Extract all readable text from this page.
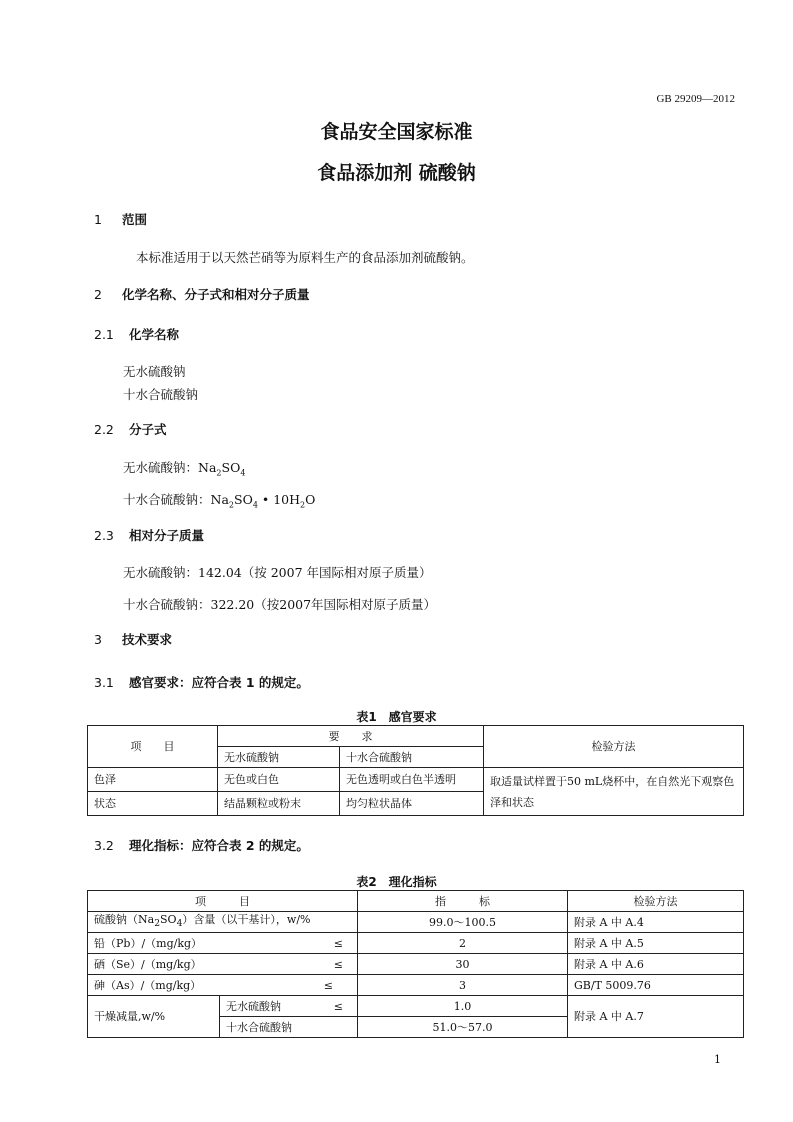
GB 29209—2012
食品安全国家标准
食品添加剂 硫酸钠
1 范围
本标准适用于以天然芒硝等为原料生产的食品添加剂硫酸钠。
2 化学名称、分子式和相对分子质量
2.1 化学名称
无水硫酸钠
十水合硫酸钠
2.2 分子式
无水硫酸钠：$Na_2SO_4$
十水合硫酸钠：$Na_2SO_4$ • $10H_2O$
2.3 相对分子质量
无水硫酸钠：142.04（按 2007 年国际相对原子质量）
十水合硫酸钠：322.20（按2007年国际相对原子质量）
3 技术要求
3.1 感官要求：应符合表 1 的规定。
表1　感官要求
项　　目	要　　求		检验方法
	无水硫酸钠	十水合硫酸钠	
色泽	无色或白色	无色透明或白色半透明	取适量试样置于50 mL烧杯中，在自然光下观察色泽和状态
状态	结晶颗粒或粉末	均匀粒状晶体	
3.2 理化指标：应符合表 2 的规定。
表2　理化指标
项　　　目		指　　　标	检验方法
硫酸钠$(Na_2SO_4)$含量（以干基计），w/%		99.0～100.5	附录 A 中 A.4
铅（Pb）/（mg/kg） ≤		2	附录 A 中 A.5
硒（Se）/（mg/kg） ≤		30	附录 A 中 A.6
砷（As）/（mg/kg） ≤		3	GB/T 5009.76
干燥减量,w/%	无水硫酸钠 ≤	1.0	附录 A 中 A.7
	十水合硫酸钠	51.0～57.0	
1
